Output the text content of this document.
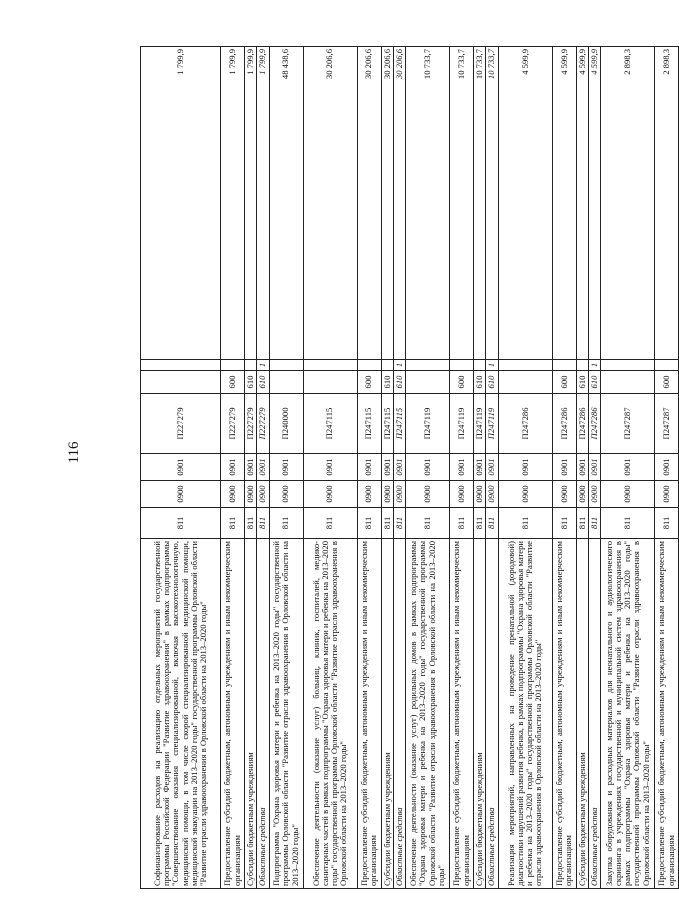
116
Софинансирование расходов на реализацию отдельных мероприятий государственной программы Российской Федерации "Развитие здравоохранения" в рамках подпрограммы "Совершенствование оказания специализированной, включая высокотехнологичную, медицинской помощи, в том числе скорой специализированной медицинской помощи, медицинской эвакуации на 2013–2020 годы" государственной программы Орловской области "Развитие отрасли здравоохранения в Орловской области на 2013–2020 годы"	811	0900	0901	П227279			1 799,9
Предоставление субсидий бюджетным, автономным учреждениям и иным некоммерческим организациям	811	0900	0901	П227279	600		1 799,9
Субсидии бюджетным учреждениям	811	0900	0901	П227279	610		1 799,9
Областные средства	811	0900	0901	П227279	610	1	1 799,9
Подпрограмма "Охрана здоровья матери и ребенка на 2013–2020 годы" государственной программы Орловской области "Развитие отрасли здравоохранения в Орловской области на 2013–2020 годы"	811	0900	0901	П240000			48 438,6
Обеспечение деятельности (оказание услуг) больниц, клиник, госпиталей, медико-санитарных частей в рамках подпрограммы "Охрана здоровья матери и ребенка на 2013–2020 годы" государственной программы Орловской области "Развитие отрасли здравоохранения в Орловской области на 2013–2020 годы"	811	0900	0901	П247115			30 206,6
Предоставление субсидий бюджетным, автономным учреждениям и иным некоммерческим организациям	811	0900	0901	П247115	600		30 206,6
Субсидии бюджетным учреждениям	811	0900	0901	П247115	610		30 206,6
Областные средства	811	0900	0901	П247115	610	1	30 206,6
Обеспечение деятельности (оказание услуг) родильных домов в рамках подпрограммы "Охрана здоровья матери и ребенка на 2013–2020 годы" государственной программы Орловской области "Развитие отрасли здравоохранения в Орловской области на 2013–2020 годы"	811	0900	0901	П247119			10 733,7
Предоставление субсидий бюджетным, автономным учреждениям и иным некоммерческим организациям	811	0900	0901	П247119	600		10 733,7
Субсидии бюджетным учреждениям	811	0900	0901	П247119	610		10 733,7
Областные средства	811	0900	0901	П247119	610	1	10 733,7
Реализация мероприятий, направленных на проведение пренатальной (дородовой) диагностики нарушений развития ребенка, в рамках подпрограммы "Охрана здоровья матери и ребенка на 2013–2020 годы" государственной программы Орловской области "Развитие отрасли здравоохранения в Орловской области на 2013–2020 годы"	811	0900	0901	П247286			4 599,9
Предоставление субсидий бюджетным, автономным учреждениям и иным некоммерческим организациям	811	0900	0901	П247286	600		4 599,9
Субсидии бюджетным учреждениям	811	0900	0901	П247286	610		4 599,9
Областные средства	811	0900	0901	П247286	610	1	4 599,9
Закупка оборудования и расходных материалов для неонатального и аудиологического скрининга в учреждениях государственной и муниципальной систем здравоохранения в рамках подпрограммы "Охрана здоровья матери и ребенка на 2013–2020 годы" государственной программы Орловской области "Развитие отрасли здравоохранения в Орловской области на 2013–2020 годы"	811	0900	0901	П247287			2 898,3
Предоставление субсидий бюджетным, автономным учреждениям и иным некоммерческим организациям	811	0900	0901	П247287	600		2 898,3
